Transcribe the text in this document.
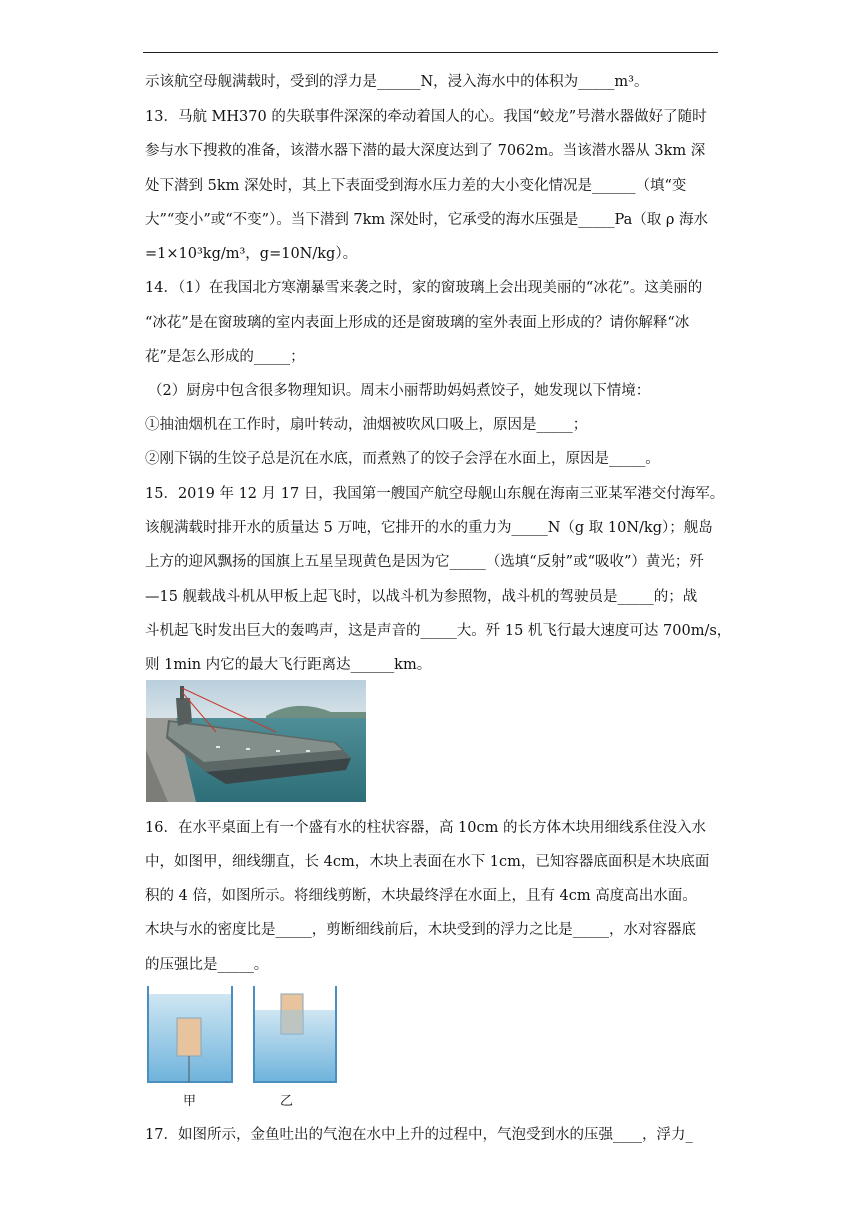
示该航空母舰满载时，受到的浮力是______N，浸入海水中的体积为_____m³。
13．马航 MH370 的失联事件深深的牵动着国人的心。我国“蛟龙”号潜水器做好了随时
参与水下搜救的准备，该潜水器下潜的最大深度达到了 7062m。当该潜水器从 3km 深
处下潜到 5km 深处时，其上下表面受到海水压力差的大小变化情况是______（填“变
大”“变小”或“不变”）。当下潜到 7km 深处时，它承受的海水压强是_____Pa（取 ρ 海水
=1×10³kg/m³，g=10N/kg）。
14．（1）在我国北方寒潮暴雪来袭之时，家的窗玻璃上会出现美丽的“冰花”。这美丽的
“冰花”是在窗玻璃的室内表面上形成的还是窗玻璃的室外表面上形成的？请你解释“冰
花”是怎么形成的_____；
（2）厨房中包含很多物理知识。周末小丽帮助妈妈煮饺子，她发现以下情境：
①抽油烟机在工作时，扇叶转动，油烟被吹风口吸上，原因是_____；
②刚下锅的生饺子总是沉在水底，而煮熟了的饺子会浮在水面上，原因是_____。
15．2019 年 12 月 17 日，我国第一艘国产航空母舰山东舰在海南三亚某军港交付海军。
该舰满载时排开水的质量达 5 万吨，它排开的水的重力为_____N（g 取 10N/kg）；舰岛
上方的迎风飘扬的国旗上五星呈现黄色是因为它_____（选填“反射”或“吸收”）黄光；歼
—15 舰载战斗机从甲板上起飞时，以战斗机为参照物，战斗机的驾驶员是_____的；战
斗机起飞时发出巨大的轰鸣声，这是声音的_____大。歼 15 机飞行最大速度可达 700m/s，
则 1min 内它的最大飞行距离达______km。
16．在水平桌面上有一个盛有水的柱状容器，高 10cm 的长方体木块用细线系住没入水
中，如图甲，细线绷直，长 4cm，木块上表面在水下 1cm，已知容器底面积是木块底面
积的 4 倍，如图所示。将细线剪断，木块最终浮在水面上，且有 4cm 高度高出水面。
木块与水的密度比是_____，剪断细线前后，木块受到的浮力之比是_____，水对容器底
的压强比是_____。
甲	乙
17．如图所示，金鱼吐出的气泡在水中上升的过程中，气泡受到水的压强____，浮力_
